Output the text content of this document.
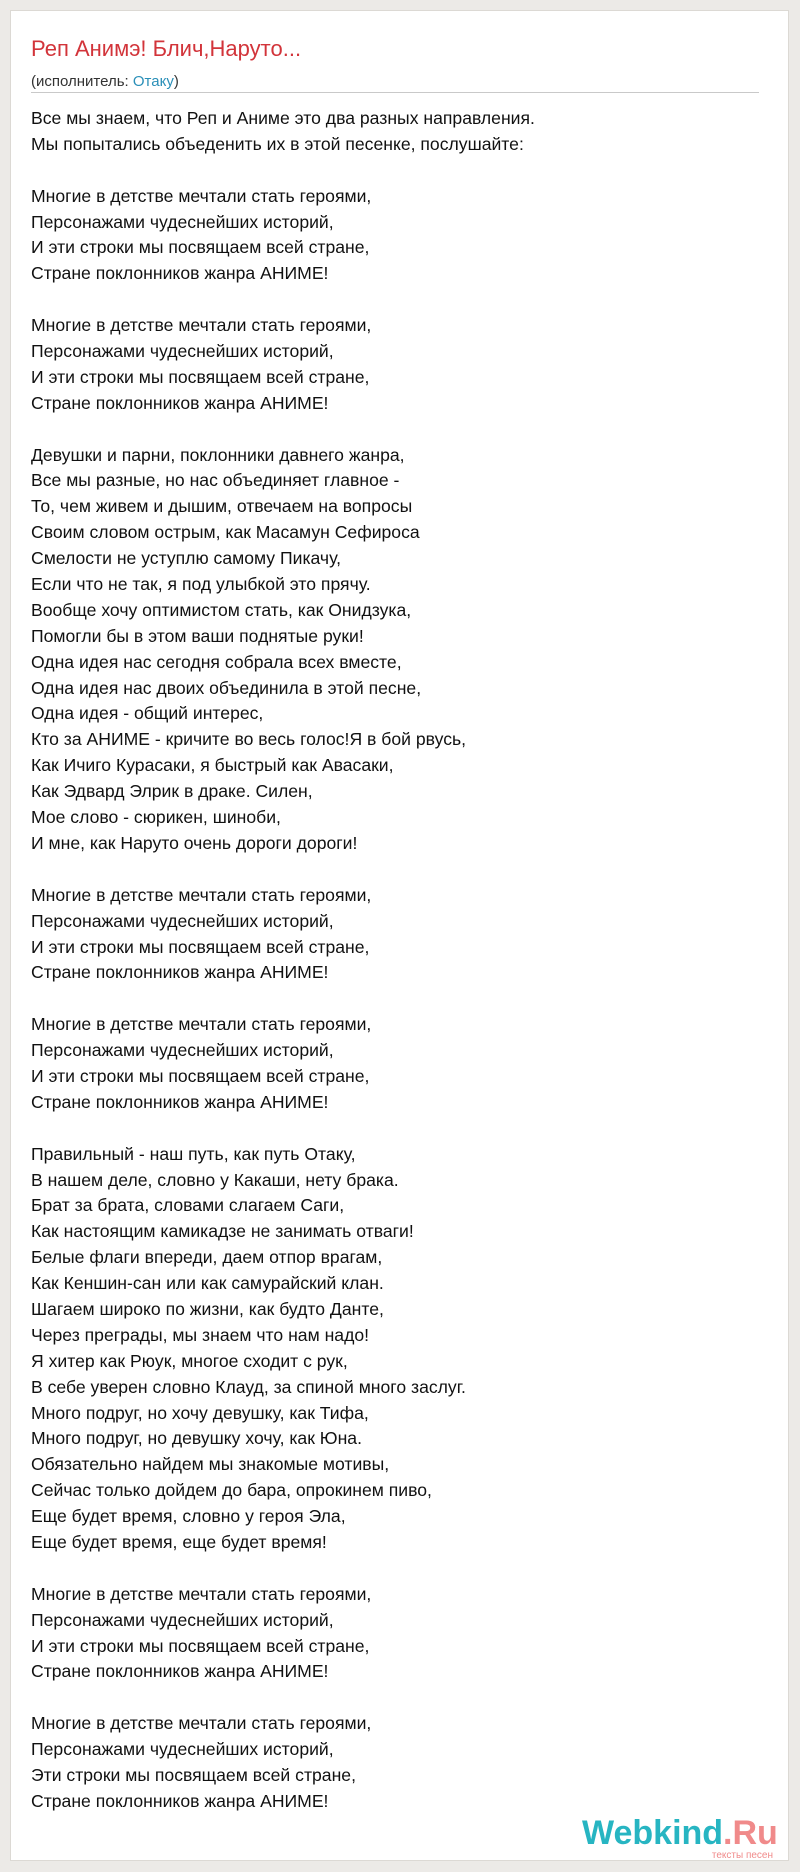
Реп Анимэ! Блич,Наруто...
(исполнитель: Отаку)
Все мы знаем, что Реп и Аниме это два разных направления.
Мы попытались объеденить их в этой песенке, послушайте:
Многие в детстве мечтали стать героями,
Персонажами чудеснейших историй,
И эти строки мы посвящаем всей стране,
Стране поклонников жанра АНИМЕ!
Многие в детстве мечтали стать героями,
Персонажами чудеснейших историй,
И эти строки мы посвящаем всей стране,
Стране поклонников жанра АНИМЕ!
Девушки и парни, поклонники давнего жанра,
Все мы разные, но нас объединяет главное -
То, чем живем и дышим, отвечаем на вопросы
Своим словом острым, как Масамун Сефироса
Смелости не уступлю самому Пикачу,
Если что не так, я под улыбкой это прячу.
Вообще хочу оптимистом стать, как Онидзука,
Помогли бы в этом ваши поднятые руки!
Одна идея нас сегодня собрала всех вместе,
Одна идея нас двоих объединила в этой песне,
Одна идея - общий интерес,
Кто за АНИМЕ - кричите во весь голос!Я в бой рвусь,
Как Ичиго Курасаки, я быстрый как Авасаки,
Как Эдвард Элрик в драке. Силен,
Мое слово - сюрикен, шиноби,
И мне, как Наруто очень дороги дороги!
Многие в детстве мечтали стать героями,
Персонажами чудеснейших историй,
И эти строки мы посвящаем всей стране,
Стране поклонников жанра АНИМЕ!
Многие в детстве мечтали стать героями,
Персонажами чудеснейших историй,
И эти строки мы посвящаем всей стране,
Стране поклонников жанра АНИМЕ!
Правильный - наш путь, как путь Отаку,
В нашем деле, словно у Какаши, нету брака.
Брат за брата, словами слагаем Саги,
Как настоящим камикадзе не занимать отваги!
Белые флаги впереди, даем отпор врагам,
Как Кеншин-сан или как самурайский клан.
Шагаем широко по жизни, как будто Данте,
Через преграды, мы знаем что нам надо!
Я хитер как Рюук, многое сходит с рук,
В себе уверен словно Клауд, за спиной много заслуг.
Много подруг, но хочу девушку, как Тифа,
Много подруг, но девушку хочу, как Юна.
Обязательно найдем мы знакомые мотивы,
Сейчас только дойдем до бара, опрокинем пиво,
Еще будет время, словно у героя Эла,
Еще будет время, еще будет время!
Многие в детстве мечтали стать героями,
Персонажами чудеснейших историй,
И эти строки мы посвящаем всей стране,
Стране поклонников жанра АНИМЕ!
Многие в детстве мечтали стать героями,
Персонажами чудеснейших историй,
Эти строки мы посвящаем всей стране,
Стране поклонников жанра АНИМЕ!
Webkind.Ru
тексты песен
